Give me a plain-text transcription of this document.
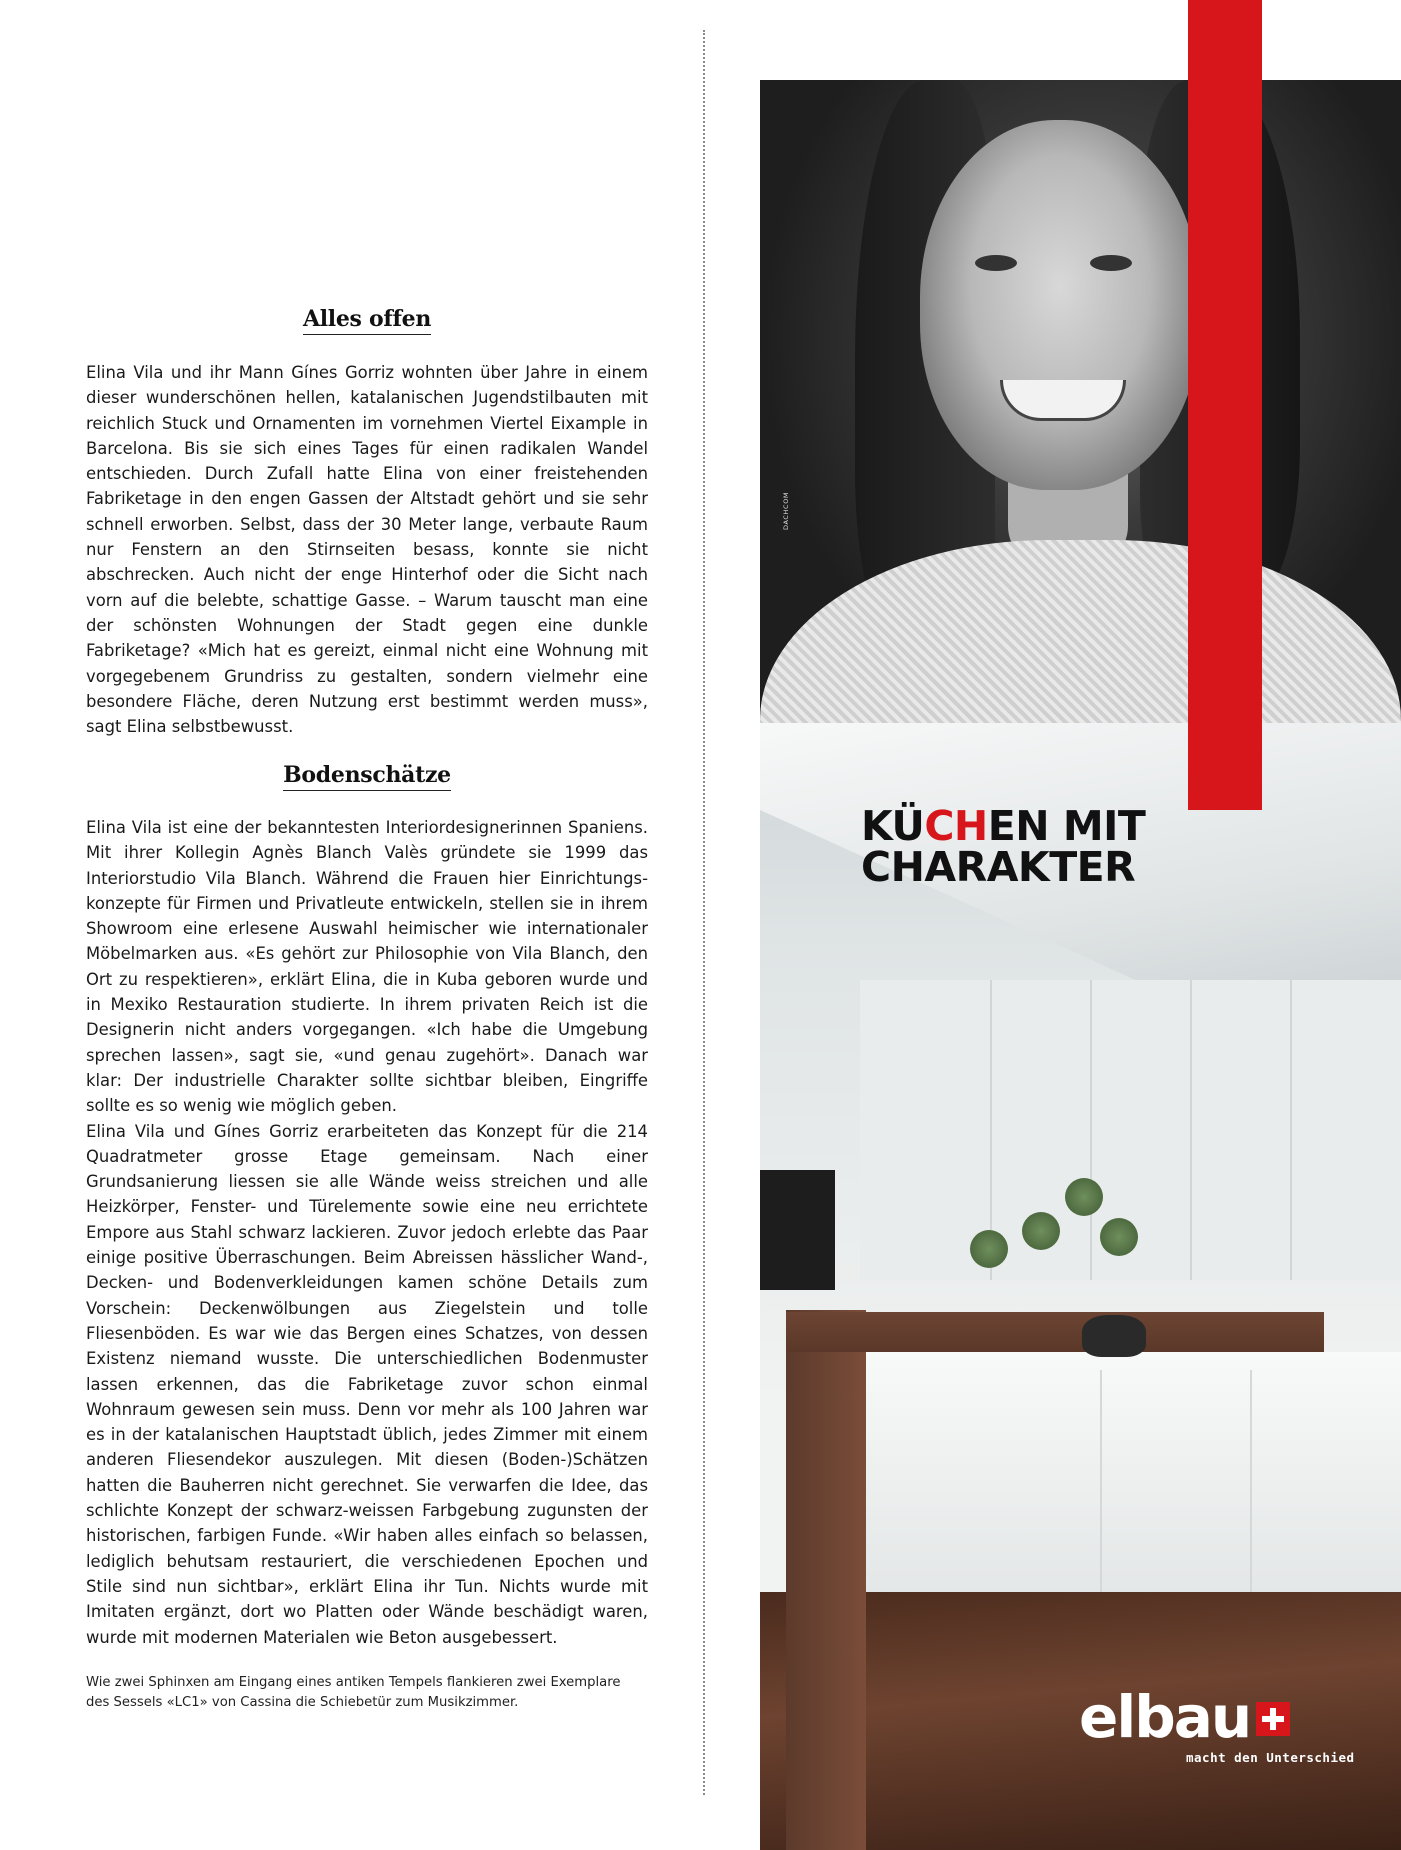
Alles offen

Elina Vila und ihr Mann Gínes Gorriz wohnten über Jahre in einem dieser wunderschönen hellen, katalanischen Jugendstilbauten mit reichlich Stuck und Ornamenten im vornehmen Viertel Eixample in Barcelona. Bis sie sich eines Tages für einen radikalen Wandel entschieden. Durch Zufall hatte Elina von einer freistehenden Fabriketage in den engen Gassen der Altstadt gehört und sie sehr schnell erworben. Selbst, dass der 30 Meter lange, verbaute Raum nur Fenstern an den Stirnseiten besass, konnte sie nicht abschrecken. Auch nicht der enge Hinterhof oder die Sicht nach vorn auf die belebte, schattige Gasse. – Warum tauscht man eine der schönsten Wohnungen der Stadt gegen eine dunkle Fabriketage? «Mich hat es gereizt, einmal nicht eine Wohnung mit vorgegebenem Grundriss zu gestalten, sondern vielmehr eine besondere Fläche, deren Nutzung erst bestimmt werden muss», sagt Elina selbstbewusst.

Bodenschätze

Elina Vila ist eine der bekanntesten Interiordesignerinnen Spaniens. Mit ihrer Kollegin Agnès Blanch Valès gründete sie 1999 das Interiorstudio Vila Blanch. Während die Frauen hier Einrichtungskonzepte für Firmen und Privatleute entwickeln, stellen sie in ihrem Showroom eine erlesene Auswahl heimischer wie internationaler Möbelmarken aus. «Es gehört zur Philosophie von Vila Blanch, den Ort zu respektieren», erklärt Elina, die in Kuba geboren wurde und in Mexiko Restauration studierte. In ihrem privaten Reich ist die Designerin nicht anders vorgegangen. «Ich habe die Umgebung sprechen lassen», sagt sie, «und genau zugehört». Danach war klar: Der industrielle Charakter sollte sichtbar bleiben, Eingriffe sollte es so wenig wie möglich geben.

Elina Vila und Gínes Gorriz erarbeiteten das Konzept für die 214 Quadratmeter grosse Etage gemeinsam. Nach einer Grundsanierung liessen sie alle Wände weiss streichen und alle Heizkörper, Fenster- und Türelemente sowie eine neu errichtete Empore aus Stahl schwarz lackieren. Zuvor jedoch erlebte das Paar einige positive Überraschungen. Beim Abreissen hässlicher Wand-, Decken- und Bodenverkleidungen kamen schöne Details zum Vorschein: Deckenwölbungen aus Ziegelstein und tolle Fliesenböden. Es war wie das Bergen eines Schatzes, von dessen Existenz niemand wusste. Die unterschiedlichen Bodenmuster lassen erkennen, das die Fabriketage zuvor schon einmal Wohnraum gewesen sein muss. Denn vor mehr als 100 Jahren war es in der katalanischen Hauptstadt üblich, jedes Zimmer mit einem anderen Fliesendekor auszulegen. Mit diesen (Boden-)Schätzen hatten die Bauherren nicht gerechnet. Sie verwarfen die Idee, das schlichte Konzept der schwarz-weissen Farbgebung zugunsten der historischen, farbigen Funde. «Wir haben alles einfach so belassen, lediglich behutsam restauriert, die verschiedenen Epochen und Stile sind nun sichtbar», erklärt Elina ihr Tun. Nichts wurde mit Imitaten ergänzt, dort wo Platten oder Wände beschädigt waren, wurde mit modernen Materialen wie Beton ausgebessert.

Wie zwei Sphinxen am Eingang eines antiken Tempels flankieren zwei Exemplare des Sessels «LC1» von Cassina die Schiebetür zum Musikzimmer.

DACHCOM
KÜCHEN MIT
CHARAKTER
elbau
macht den Unterschied
